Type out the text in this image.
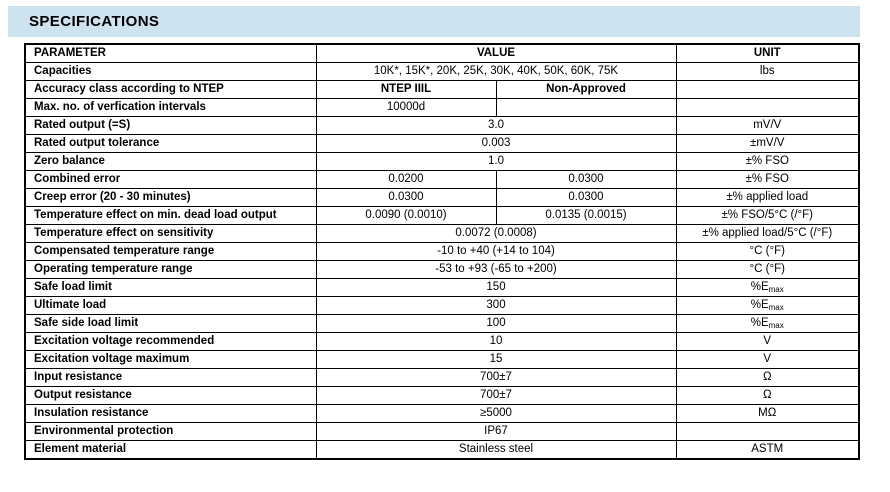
SPECIFICATIONS
PARAMETER	VALUE		UNIT
Capacities	10K*, 15K*, 20K, 25K, 30K, 40K, 50K, 60K, 75K		lbs
Accuracy class according to NTEP	NTEP IIIL	Non-Approved	
Max. no. of verfication intervals	10000d		
Rated output (=S)	3.0		mV/V
Rated output tolerance	0.003		±mV/V
Zero balance	1.0		±% FSO
Combined error	0.0200	0.0300	±% FSO
Creep error (20 - 30 minutes)	0.0300	0.0300	±% applied load
Temperature effect on min. dead load output	0.0090 (0.0010)	0.0135 (0.0015)	±% FSO/5°C (/°F)
Temperature effect on sensitivity	0.0072 (0.0008)		±% applied load/5°C (/°F)
Compensated temperature range	-10 to +40 (+14 to 104)		°C (°F)
Operating temperature range	-53 to +93 (-65 to +200)		°C (°F)
Safe load limit	150		$\%E_{max}$
Ultimate load	300		$\%E_{max}$
Safe side load limit	100		$\%E_{max}$
Excitation voltage recommended	10		V
Excitation voltage maximum	15		V
Input resistance	700±7		Ω
Output resistance	700±7		Ω
Insulation resistance	≥5000		MΩ
Environmental protection	IP67		
Element material	Stainless steel		ASTM
